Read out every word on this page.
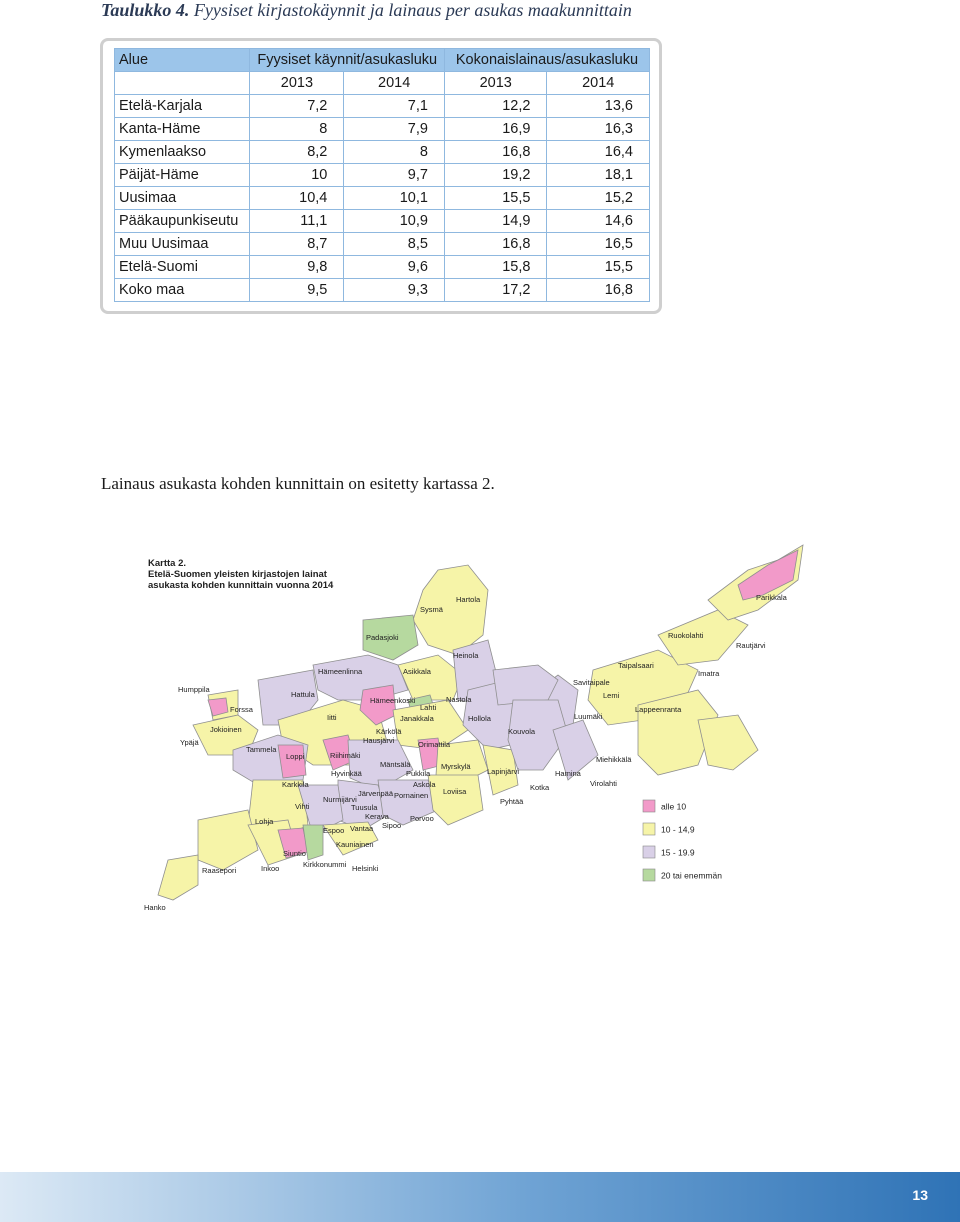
Taulukko 4. Fyysiset kirjastokäynnit ja lainaus per asukas maakunnittain
Alue	Fyysiset käynnit/asukasluku		Kokonaislainaus/asukasluku	
	2013	2014	2013	2014
Etelä-Karjala	7,2	7,1	12,2	13,6
Kanta-Häme	8	7,9	16,9	16,3
Kymenlaakso	8,2	8	16,8	16,4
Päijät-Häme	10	9,7	19,2	18,1
Uusimaa	10,4	10,1	15,5	15,2
Pääkaupunkiseutu	11,1	10,9	14,9	14,6
Muu Uusimaa	8,7	8,5	16,8	16,5
Etelä-Suomi	9,8	9,6	15,8	15,5
Koko maa	9,5	9,3	17,2	16,8

Lainaus asukasta kohden kunnittain on esitetty kartassa 2.

Hartola
Sysmä
Padasjoki
Heinola
Parikkala
Ruokolahti
Rautjärvi
Taipalsaari
Imatra
Savitaipale
Lemi
Lappeenranta
Luumäki
Hämeenlinna	Asikkala
Humppila
Hattula
Hämeenkoski	Nastola
Forssa	Lahti
Jokioinen
Janakkala	Hollola
Iitti
Kouvola
Ypäjä
Kärkölä
Tammela
Hausjärvi	Orimattila
Loppi	Riihimäki	Miehikkälä
Mäntsälä	Myrskylä
Hyvinkää	Pukkila	Lapinjärvi	Hamina
Virolahti
Askola
Järvenpää Pornainen
Kotka
Karkkila
Loviisa
Nurmijärvi	Pyhtää
Tuusula
Vihti
Kerava	Porvoo
Lohja	Sipoo
Vantaa
Espoo
Siuntio
Kauniainen
Kirkkonummi
Raasepori	Inkoo	Helsinki
Hanko
alle 10
10 - 14,9
15 - 19.9
20 tai enemmän
Kartta 2.
Etelä-Suomen yleisten kirjastojen lainat
asukasta kohden kunnittain vuonna 2014
13
